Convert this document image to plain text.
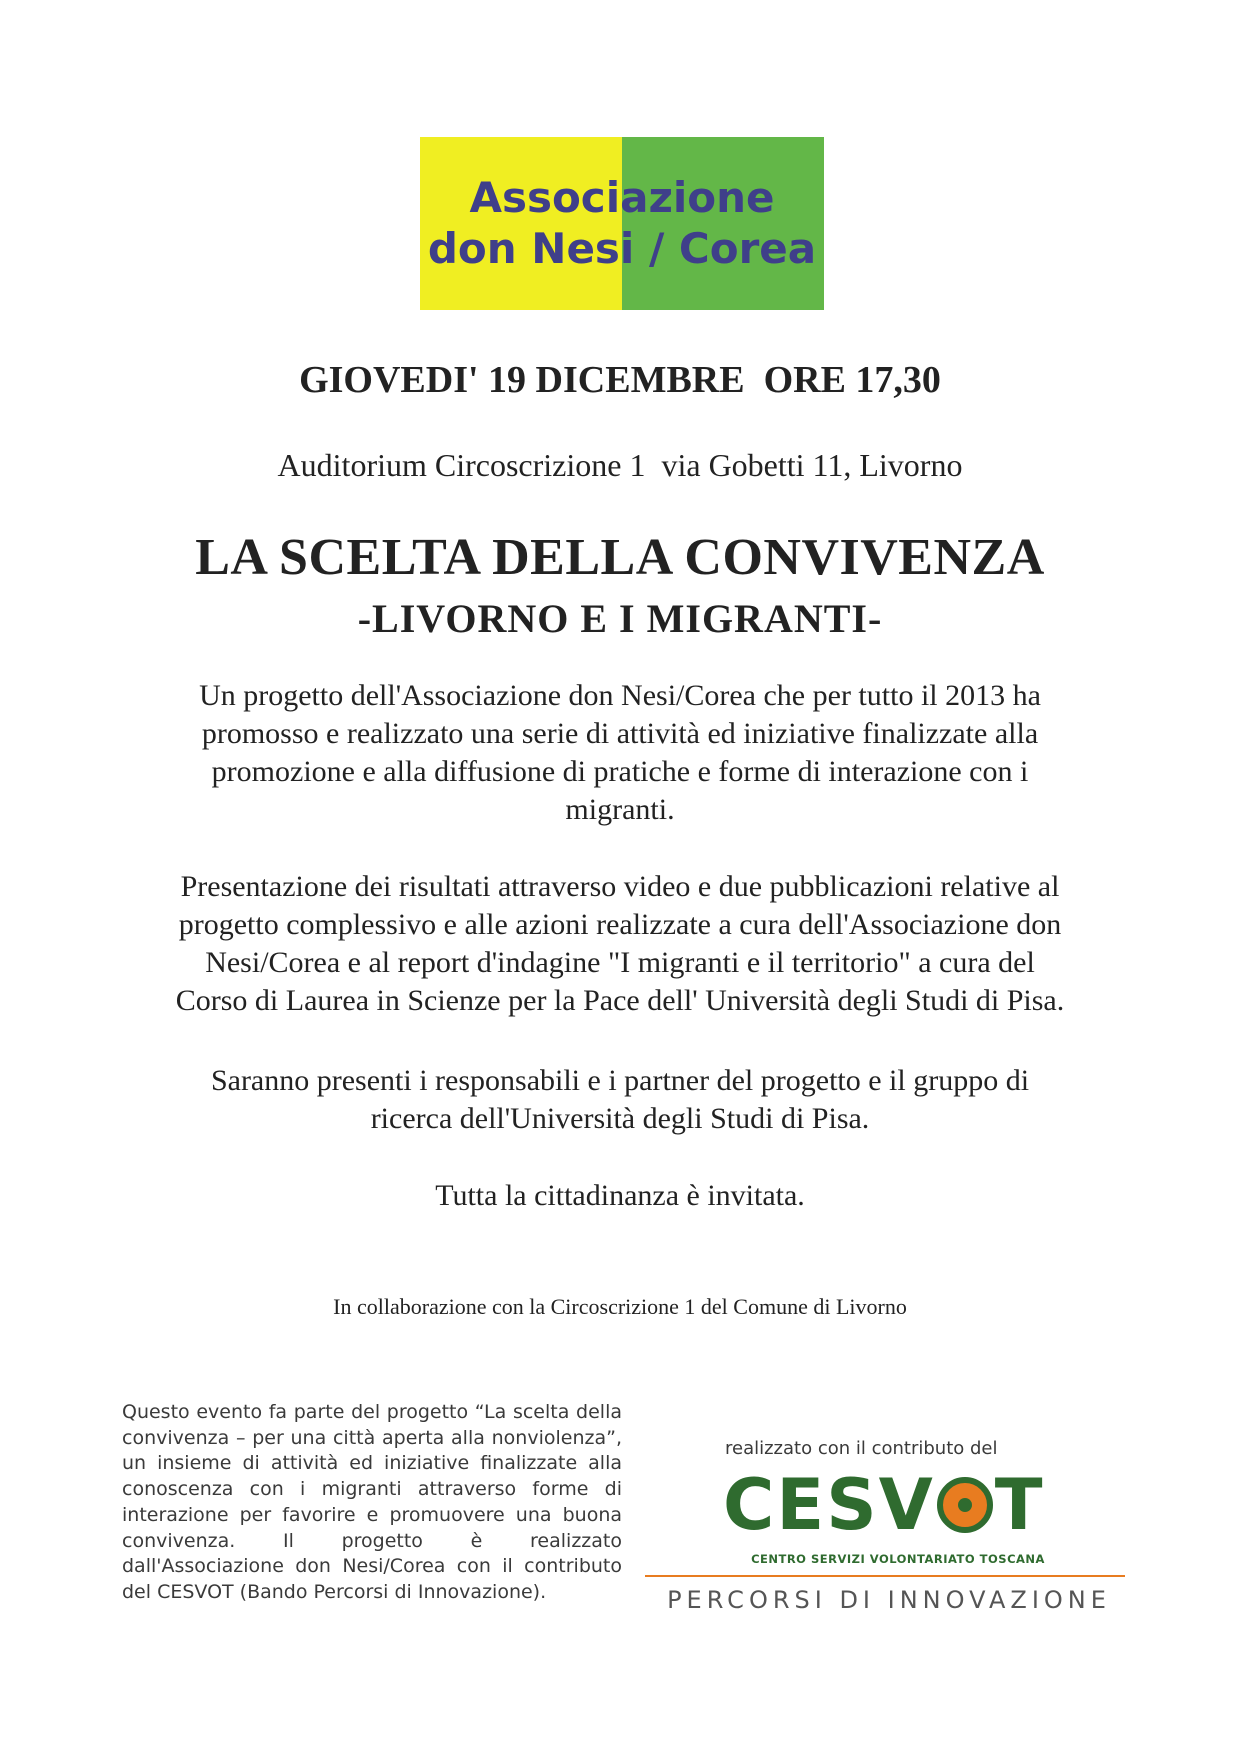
Associazione
don Nesi / Corea
GIOVEDI' 19 DICEMBRE  ORE 17,30
Auditorium Circoscrizione 1  via Gobetti 11, Livorno
LA SCELTA DELLA CONVIVENZA
-LIVORNO E I MIGRANTI-
Un progetto dell'Associazione don Nesi/Corea che per tutto il 2013 ha
promosso e realizzato una serie di attività ed iniziative finalizzate alla
promozione e alla diffusione di pratiche e forme di interazione con i
migranti.
Presentazione dei risultati attraverso video e due pubblicazioni relative al
progetto complessivo e alle azioni realizzate a cura dell'Associazione don
Nesi/Corea e al report d'indagine "I migranti e il territorio" a cura del
Corso di Laurea in Scienze per la Pace dell' Università degli Studi di Pisa.
Saranno presenti i responsabili e i partner del progetto e il gruppo di
ricerca dell'Università degli Studi di Pisa.
Tutta la cittadinanza è invitata.
In collaborazione con la Circoscrizione 1 del Comune di Livorno
Questo evento fa parte del progetto “La scelta della convivenza – per una città aperta alla nonviolenza”, un insieme di attività ed iniziative finalizzate alla conoscenza con i migranti attraverso forme di interazione per favorire e promuovere una buona convivenza. Il progetto è realizzato dall'Associazione don Nesi/Corea con il contributo del CESVOT (Bando Percorsi di Innovazione).
realizzato con il contributo del
CESV T
CENTRO SERVIZI VOLONTARIATO TOSCANA
PERCORSI DI INNOVAZIONE
